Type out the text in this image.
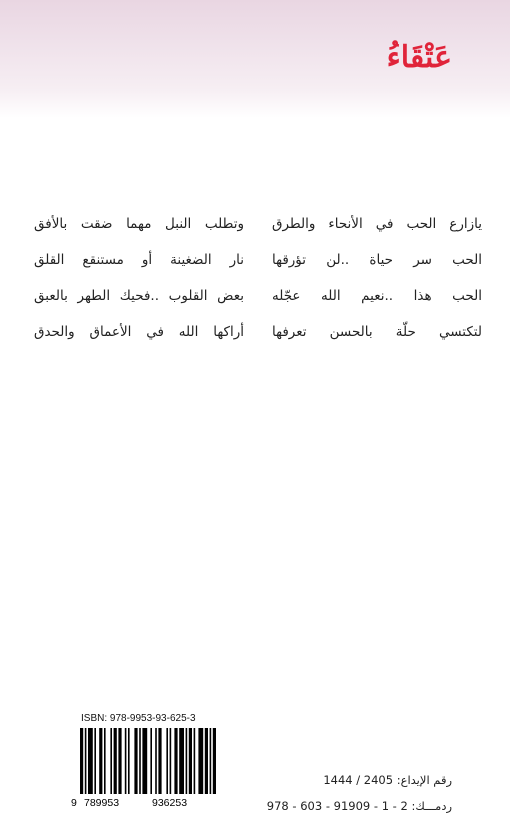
عَتْقَاءُ
يازارع الحب في الأنحاء والطرق
وتطلب النبل مهما ضقت بالأفق
الحب سر حياة ..لن تؤرقها
نار الضغينة أو مستنقع القلق
الحب هذا ..نعيم الله عجّله
بعض القلوب ..فحيك الطهر بالعبق
لتكتسي حلّة بالحسن تعرفها
أراكها الله في الأعماق والحدق
ISBN: 978-9953-93-625-3
9 789953	936253
رقم الإيداع: 2405 / 1444
ردمـــك: 2 - 1 - 91909 - 603 - 978
